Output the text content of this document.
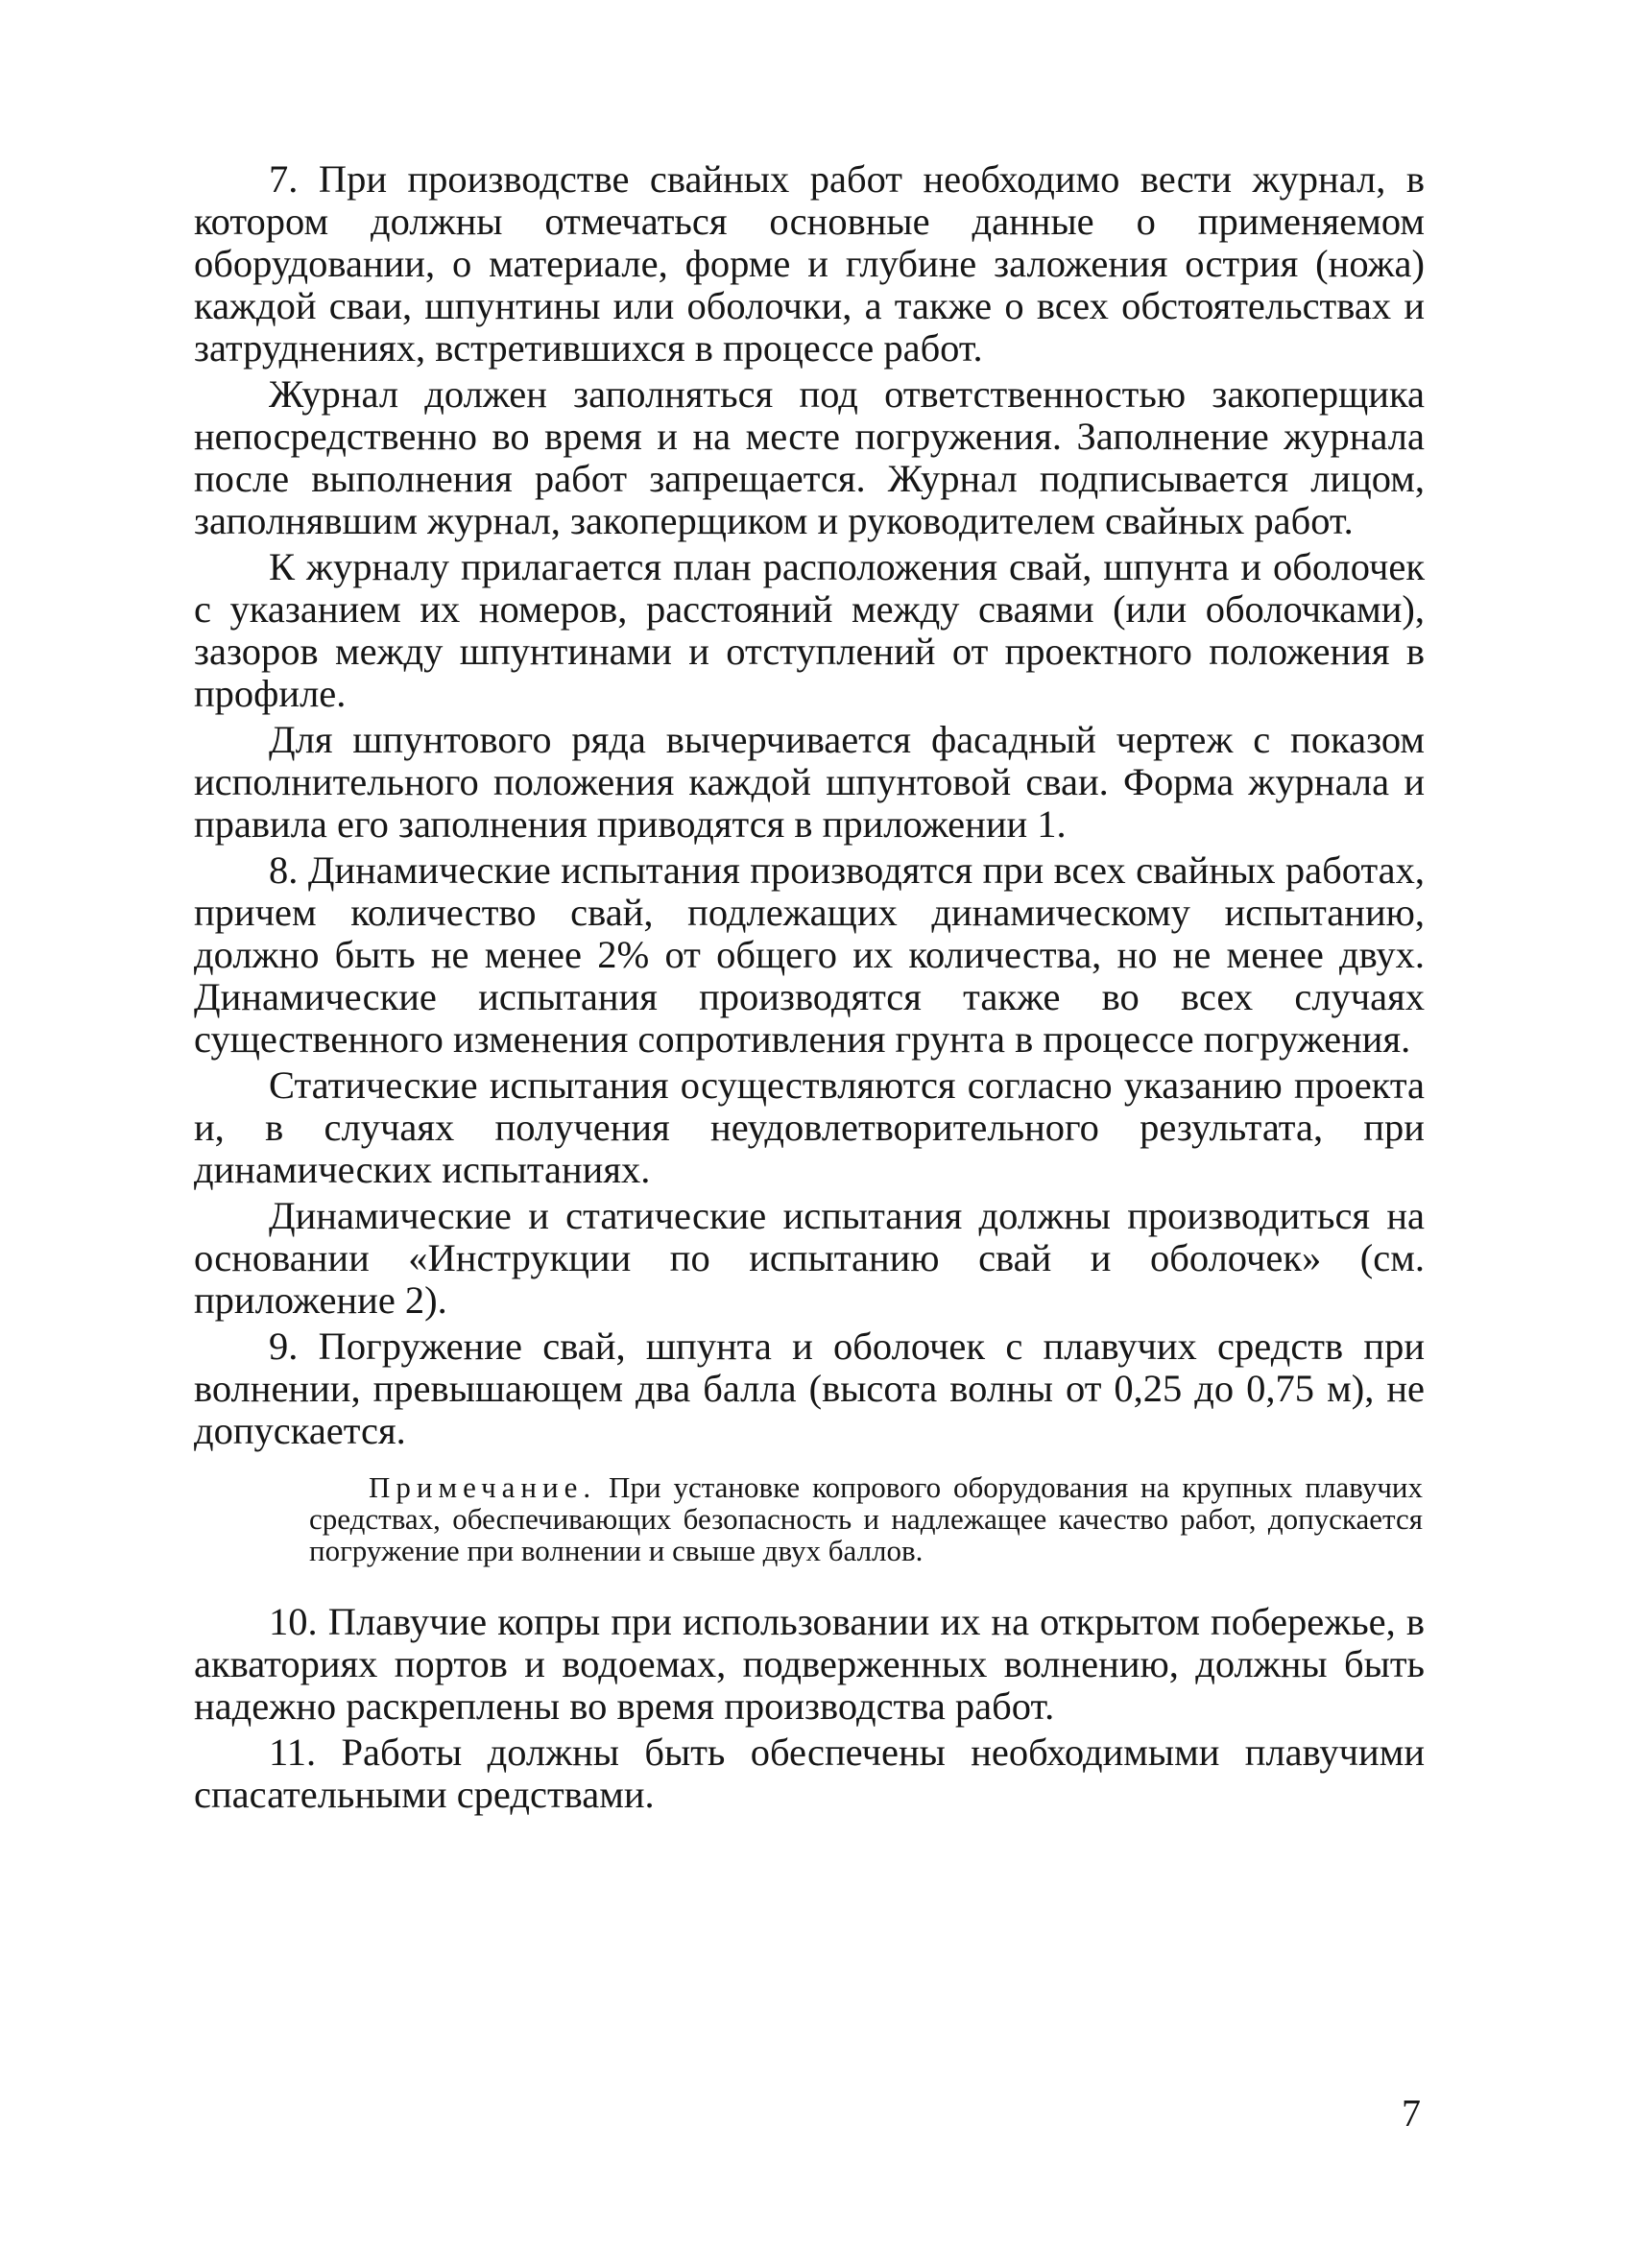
7. При производстве свайных работ необходимо вести журнал, в котором должны отмечаться основные данные о применяемом оборудовании, о материале, форме и глубине заложения острия (ножа) каждой сваи, шпунтины или оболочки, а также о всех обстоятельствах и затруднениях, встретившихся в процессе работ.

Журнал должен заполняться под ответственностью закоперщика непосредственно во время и на месте погружения. Заполнение журнала после выполнения работ запрещается. Журнал подписывается лицом, заполнявшим журнал, закоперщиком и руководителем свайных работ.

К журналу прилагается план расположения свай, шпунта и оболочек с указанием их номеров, расстояний между сваями (или оболочками), зазоров между шпунтинами и отступлений от проектного положения в профиле.

Для шпунтового ряда вычерчивается фасадный чертеж с показом исполнительного положения каждой шпунтовой сваи. Форма журнала и правила его заполнения приводятся в приложении 1.

8. Динамические испытания производятся при всех свайных работах, причем количество свай, подлежащих динамическому испытанию, должно быть не менее 2% от общего их количества, но не менее двух. Динамические испытания производятся также во всех случаях существенного изменения сопротивления грунта в процессе погружения.

Статические испытания осуществляются согласно указанию проекта и, в случаях получения неудовлетворительного результата, при динамических испытаниях.

Динамические и статические испытания должны производиться на основании «Инструкции по испытанию свай и оболочек» (см. приложение 2).

9. Погружение свай, шпунта и оболочек с плавучих средств при волнении, превышающем два балла (высота волны от 0,25 до 0,75 м), не допускается.

Примечание. При установке копрового оборудования на крупных плавучих средствах, обеспечивающих безопасность и надлежащее качество работ, допускается погружение при волнении и свыше двух баллов.

10. Плавучие копры при использовании их на открытом побережье, в акваториях портов и водоемах, подверженных волнению, должны быть надежно раскреплены во время производства работ.

11. Работы должны быть обеспечены необходимыми плавучими спасательными средствами.

7
